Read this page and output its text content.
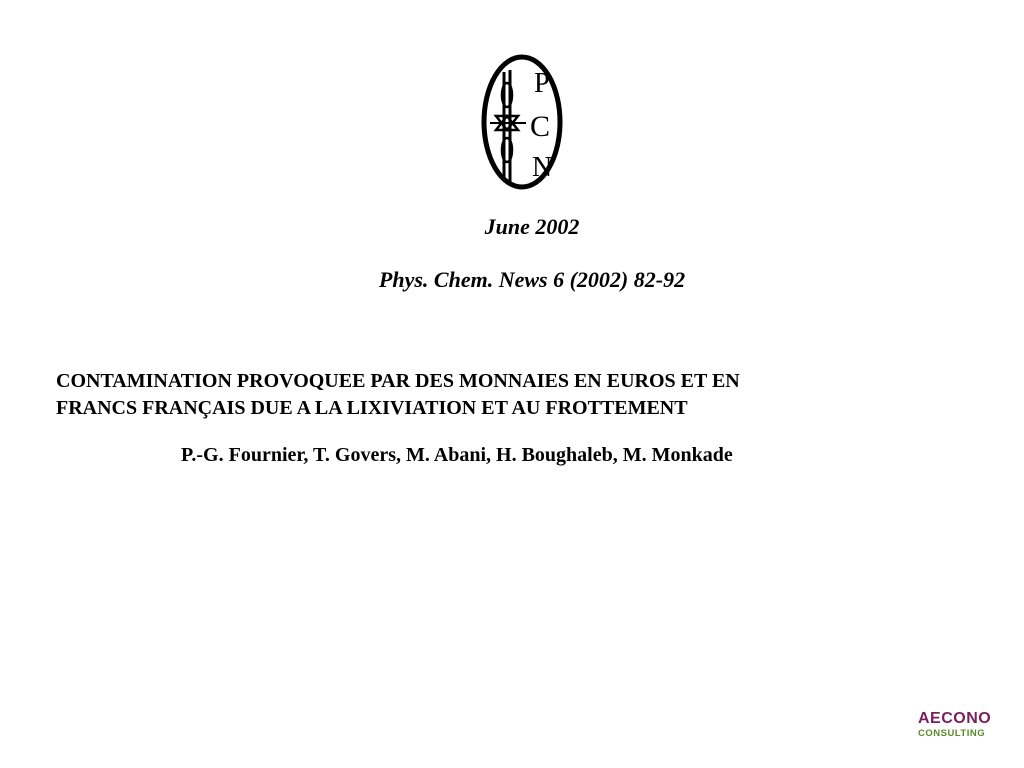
P
C
N
June 2002
Phys. Chem. News 6 (2002) 82-92
CONTAMINATION PROVOQUEE PAR DES MONNAIES EN EUROS ET EN
FRANCS FRANÇAIS DUE A LA LIXIVIATION ET AU FROTTEMENT
P.-G. Fournier, T. Govers, M. Abani, H. Boughaleb, M. Monkade
AECONO
CONSULTING
